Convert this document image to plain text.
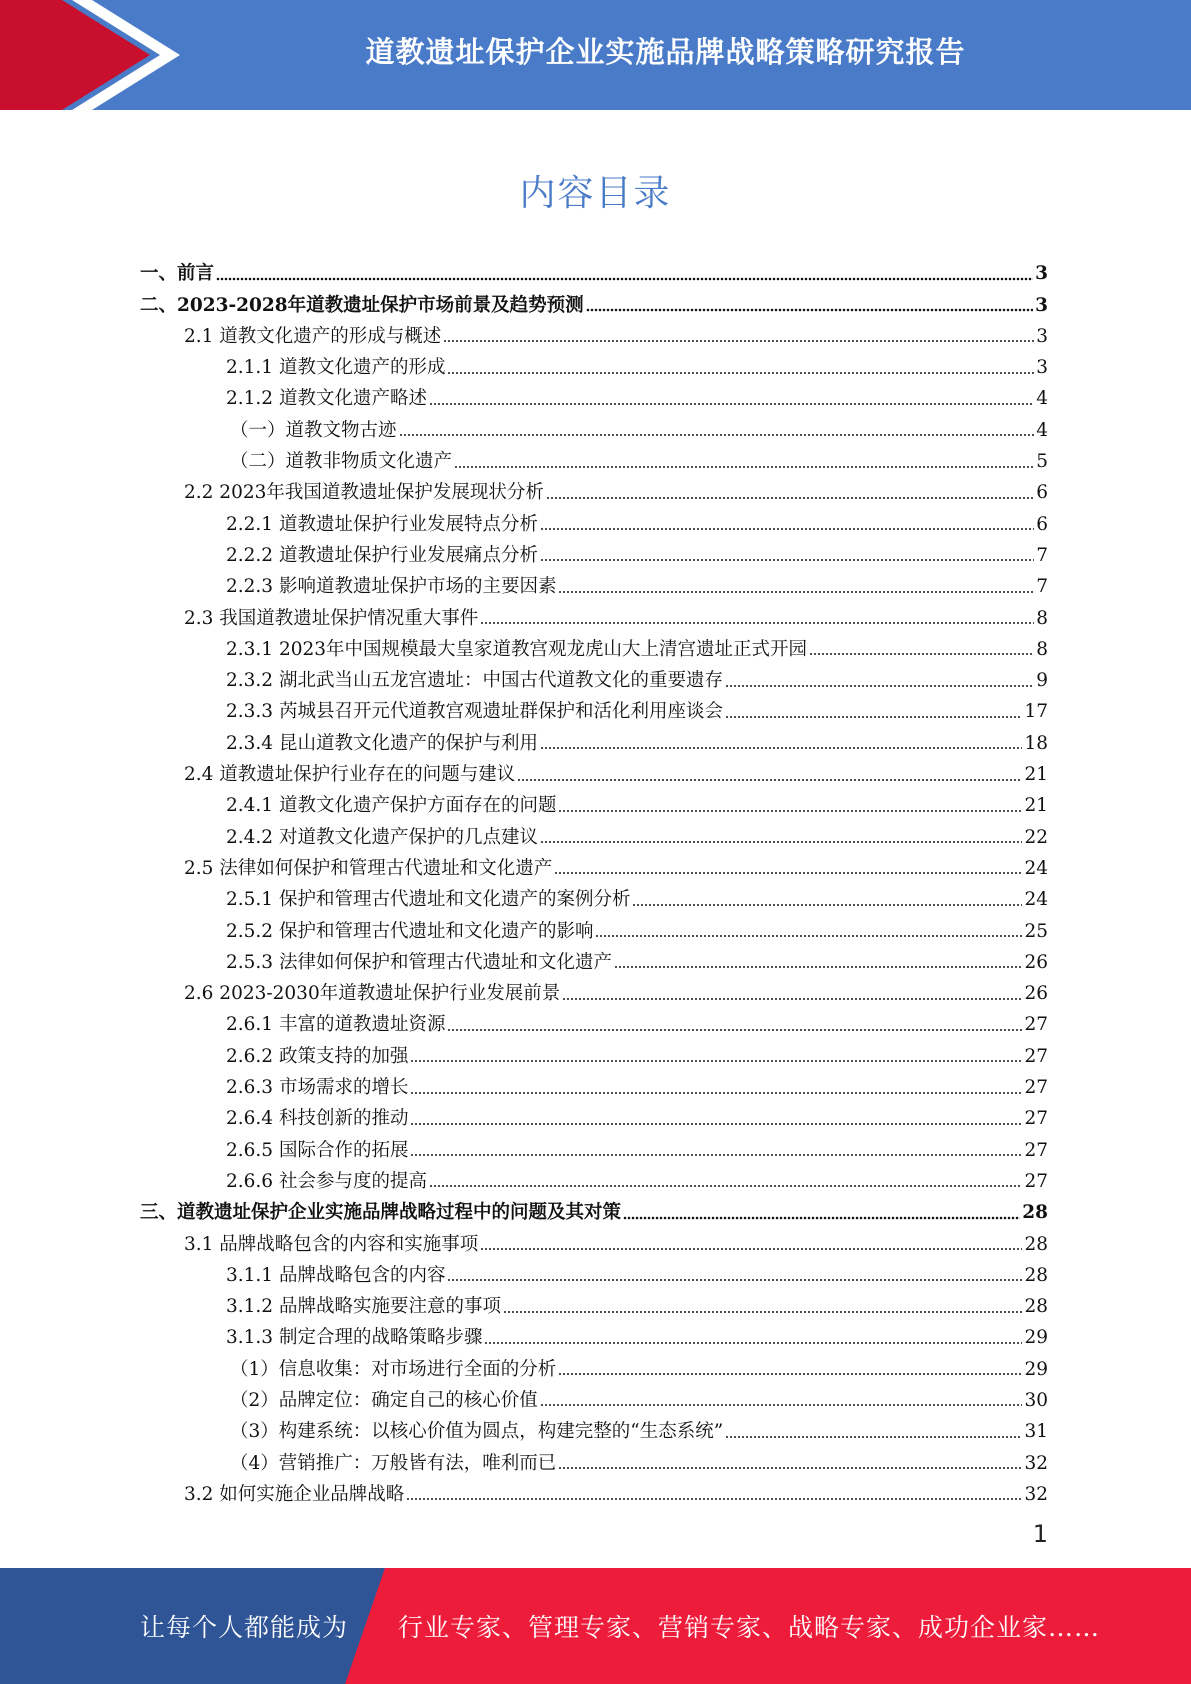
道教遗址保护企业实施品牌战略策略研究报告
内容目录
一、前言	3
二、2023-2028年道教遗址保护市场前景及趋势预测	3
2.1 道教文化遗产的形成与概述	3
2.1.1 道教文化遗产的形成	3
2.1.2 道教文化遗产略述	4
（一）道教文物古迹	4
（二）道教非物质文化遗产	5
2.2 2023年我国道教遗址保护发展现状分析	6
2.2.1 道教遗址保护行业发展特点分析	6
2.2.2 道教遗址保护行业发展痛点分析	7
2.2.3 影响道教遗址保护市场的主要因素	7
2.3 我国道教遗址保护情况重大事件	8
2.3.1 2023年中国规模最大皇家道教宫观龙虎山大上清宫遗址正式开园	8
2.3.2 湖北武当山五龙宫遗址：中国古代道教文化的重要遗存	9
2.3.3 芮城县召开元代道教宫观遗址群保护和活化利用座谈会	17
2.3.4 昆山道教文化遗产的保护与利用	18
2.4 道教遗址保护行业存在的问题与建议	21
2.4.1 道教文化遗产保护方面存在的问题	21
2.4.2 对道教文化遗产保护的几点建议	22
2.5 法律如何保护和管理古代遗址和文化遗产	24
2.5.1 保护和管理古代遗址和文化遗产的案例分析	24
2.5.2 保护和管理古代遗址和文化遗产的影响	25
2.5.3 法律如何保护和管理古代遗址和文化遗产	26
2.6 2023-2030年道教遗址保护行业发展前景	26
2.6.1 丰富的道教遗址资源	27
2.6.2 政策支持的加强	27
2.6.3 市场需求的增长	27
2.6.4 科技创新的推动	27
2.6.5 国际合作的拓展	27
2.6.6 社会参与度的提高	27
三、道教遗址保护企业实施品牌战略过程中的问题及其对策	28
3.1 品牌战略包含的内容和实施事项	28
3.1.1 品牌战略包含的内容	28
3.1.2 品牌战略实施要注意的事项	28
3.1.3 制定合理的战略策略步骤	29
（1）信息收集：对市场进行全面的分析	29
（2）品牌定位：确定自己的核心价值	30
（3）构建系统：以核心价值为圆点，构建完整的“生态系统”	31
（4）营销推广：万般皆有法，唯利而已	32
3.2 如何实施企业品牌战略	32
1
让每个人都能成为 行业专家、管理专家、营销专家、战略专家、成功企业家……
